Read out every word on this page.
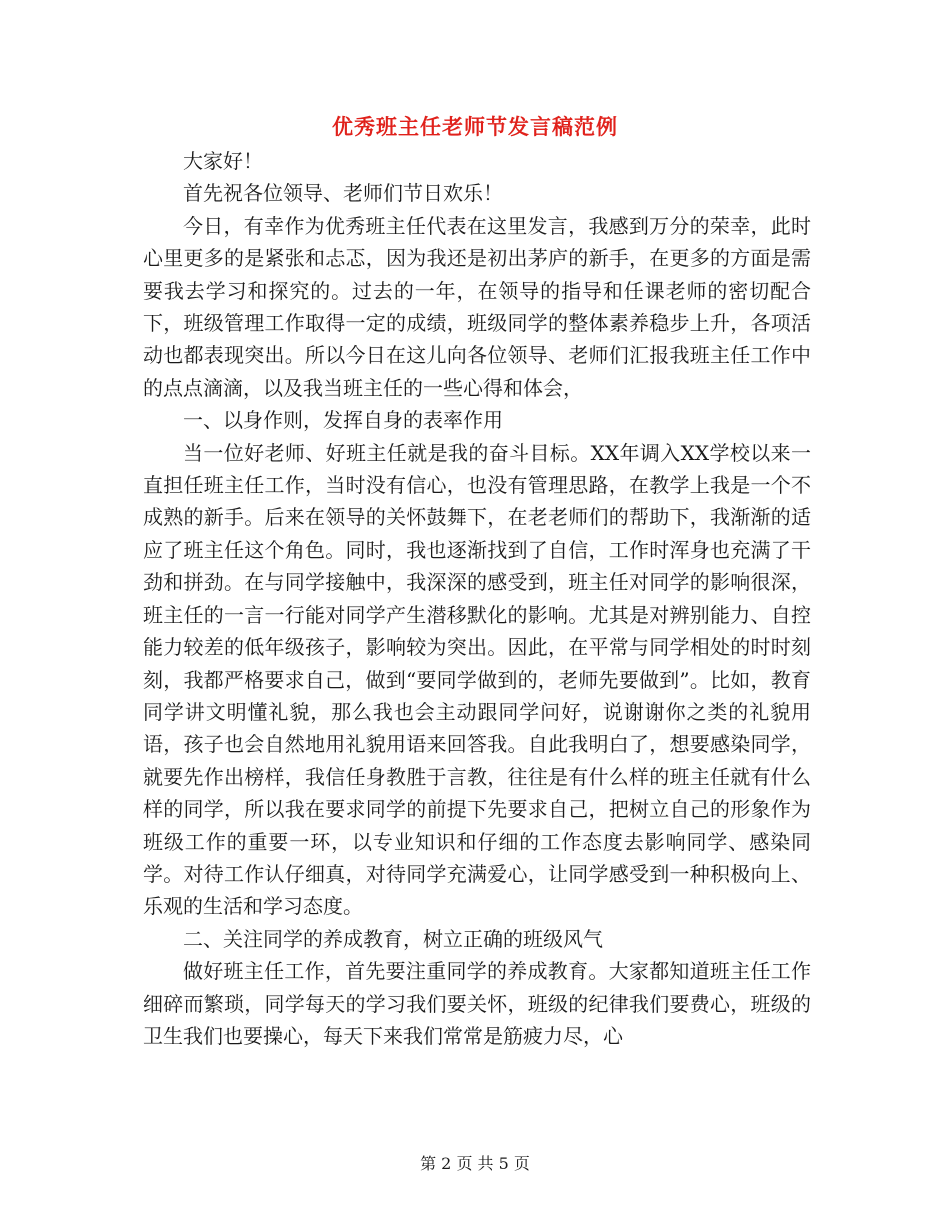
优秀班主任老师节发言稿范例

大家好！

首先祝各位领导、老师们节日欢乐！

今日，有幸作为优秀班主任代表在这里发言，我感到万分的荣幸，此时心里更多的是紧张和忐忑，因为我还是初出茅庐的新手，在更多的方面是需要我去学习和探究的。过去的一年，在领导的指导和任课老师的密切配合下，班级管理工作取得一定的成绩，班级同学的整体素养稳步上升，各项活动也都表现突出。所以今日在这儿向各位领导、老师们汇报我班主任工作中的点点滴滴，以及我当班主任的一些心得和体会，

一、以身作则，发挥自身的表率作用

当一位好老师、好班主任就是我的奋斗目标。XX年调入XX学校以来一直担任班主任工作，当时没有信心，也没有管理思路，在教学上我是一个不成熟的新手。后来在领导的关怀鼓舞下，在老老师们的帮助下，我渐渐的适应了班主任这个角色。同时，我也逐渐找到了自信，工作时浑身也充满了干劲和拼劲。在与同学接触中，我深深的感受到，班主任对同学的影响很深，班主任的一言一行能对同学产生潜移默化的影响。尤其是对辨别能力、自控能力较差的低年级孩子，影响较为突出。因此，在平常与同学相处的时时刻刻，我都严格要求自己，做到“要同学做到的，老师先要做到”。比如，教育同学讲文明懂礼貌，那么我也会主动跟同学问好，说谢谢你之类的礼貌用语，孩子也会自然地用礼貌用语来回答我。自此我明白了，想要感染同学，就要先作出榜样，我信任身教胜于言教，往往是有什么样的班主任就有什么样的同学，所以我在要求同学的前提下先要求自己，把树立自己的形象作为班级工作的重要一环，以专业知识和仔细的工作态度去影响同学、感染同学。对待工作认仔细真，对待同学充满爱心，让同学感受到一种积极向上、乐观的生活和学习态度。

二、关注同学的养成教育，树立正确的班级风气

做好班主任工作，首先要注重同学的养成教育。大家都知道班主任工作细碎而繁琐，同学每天的学习我们要关怀，班级的纪律我们要费心，班级的卫生我们也要操心，每天下来我们常常是筋疲力尽，心

第 2 页 共 5 页
